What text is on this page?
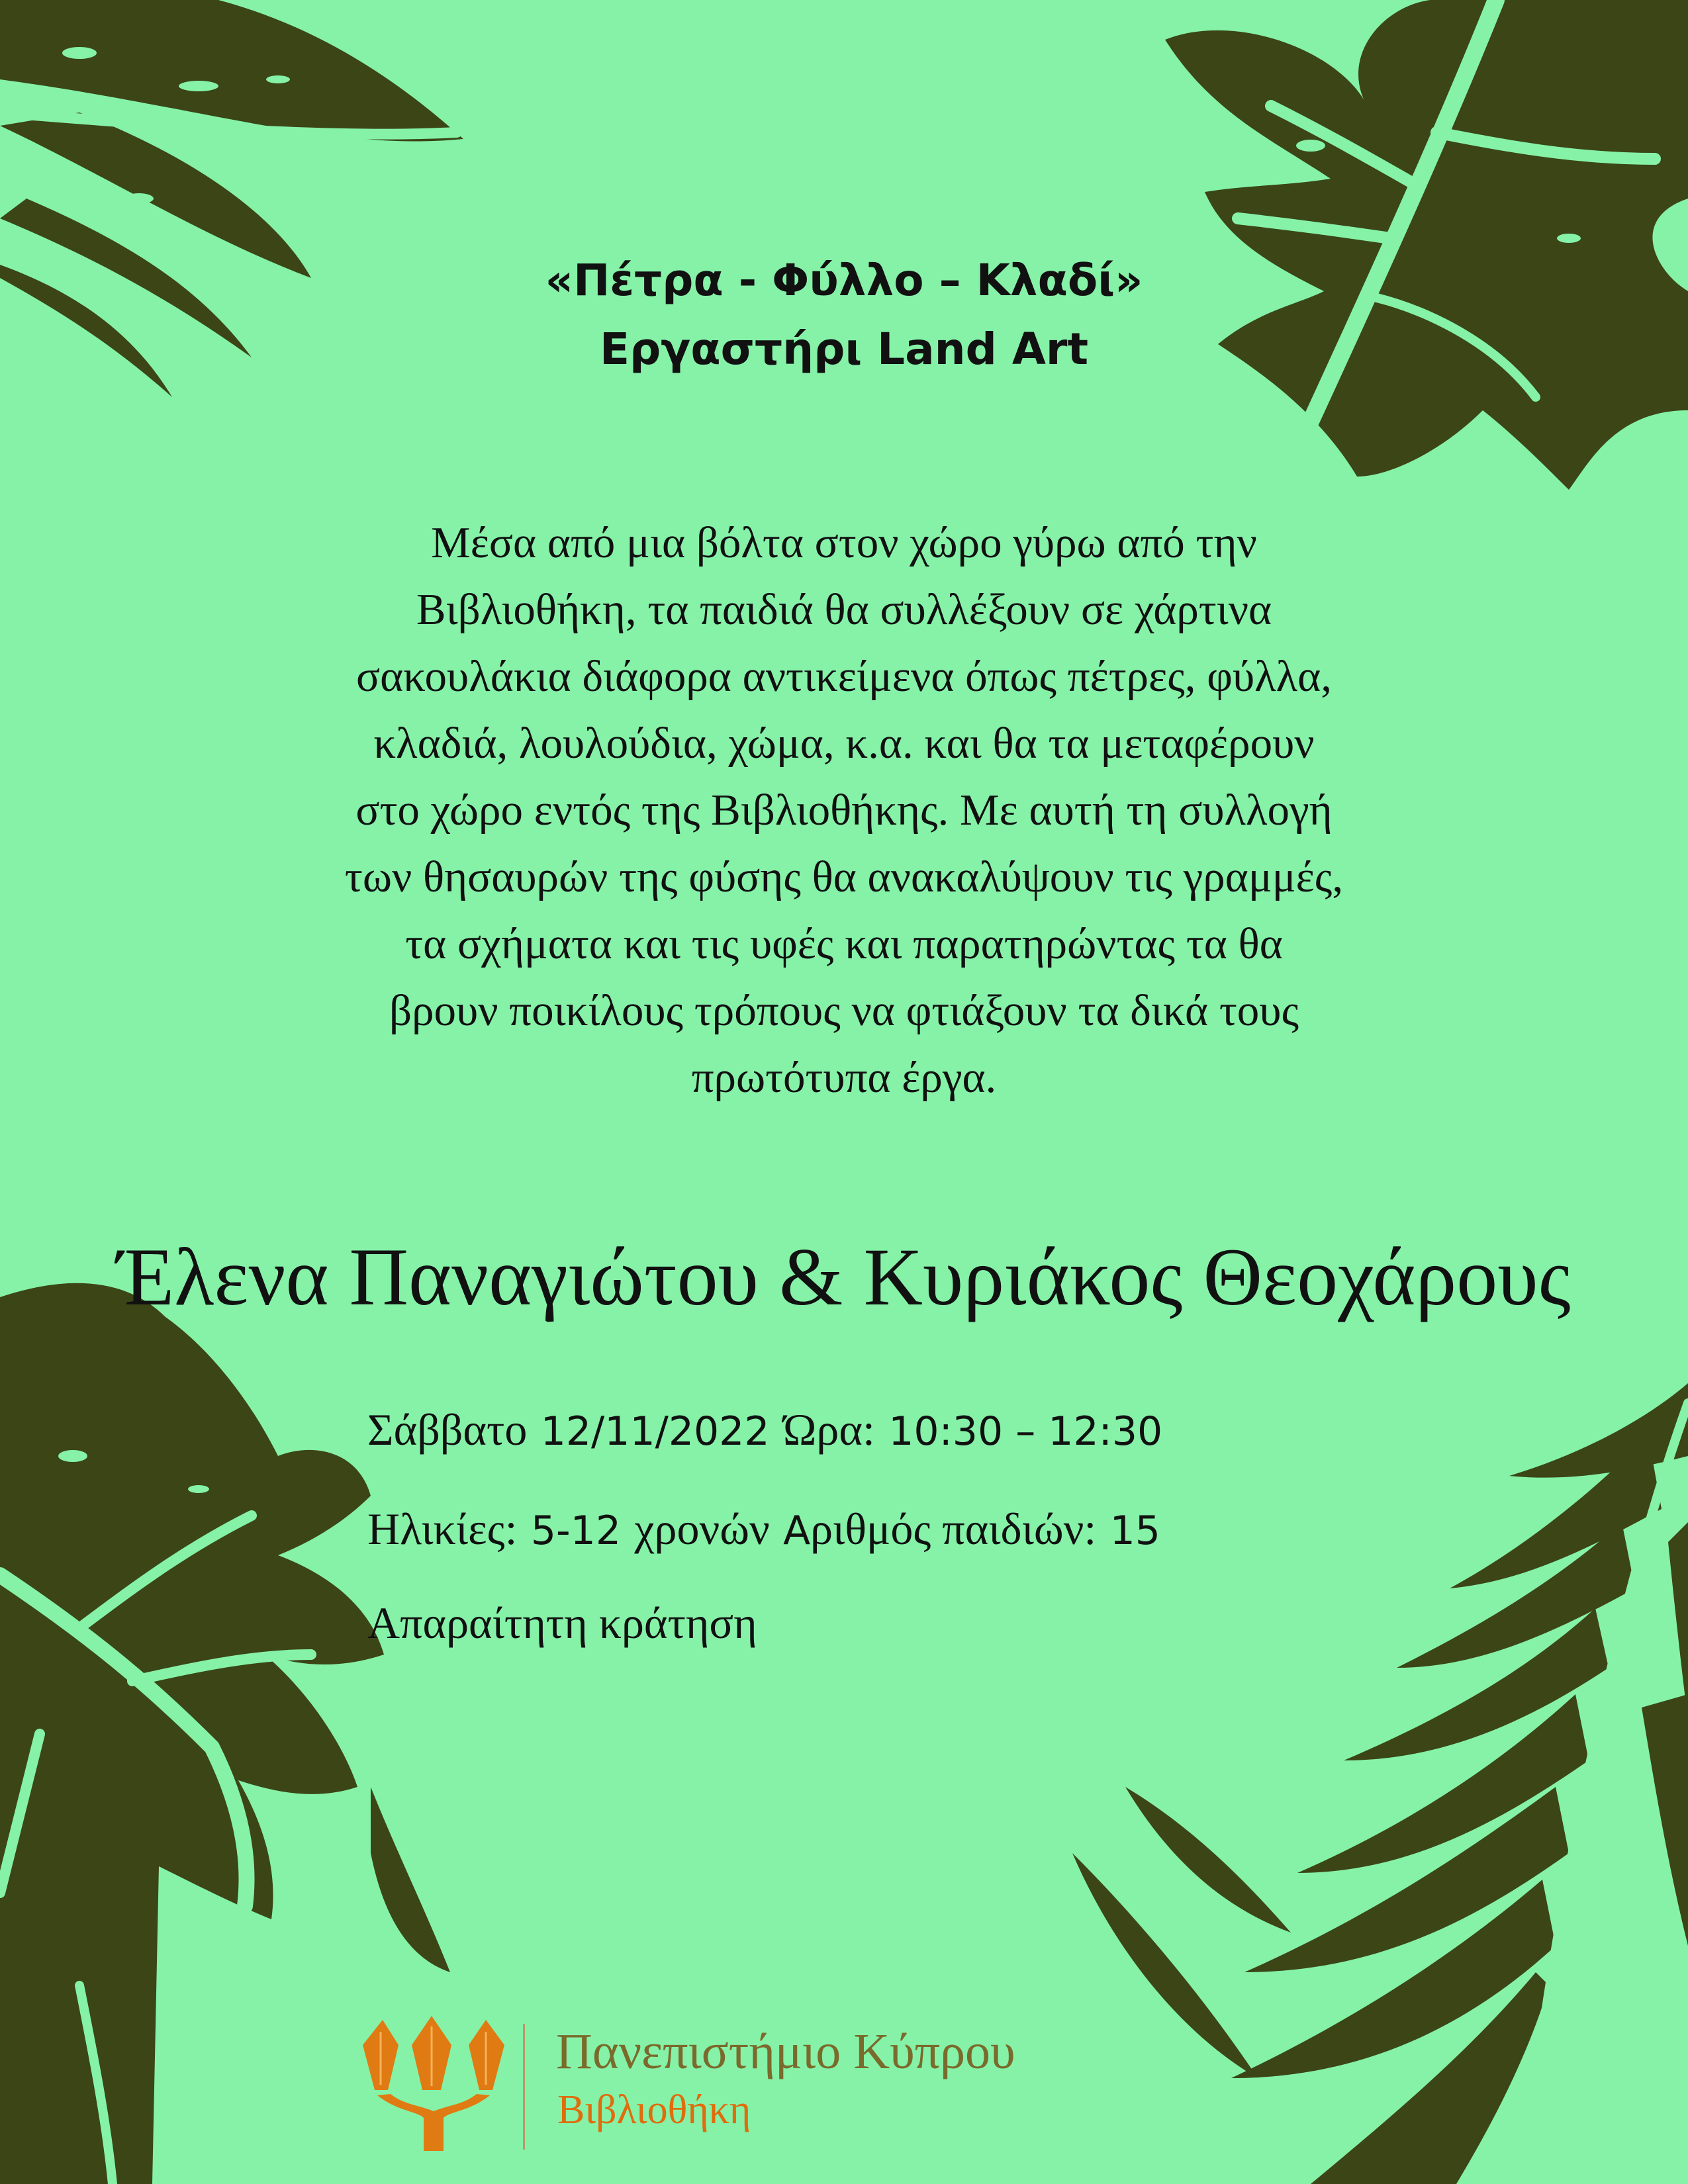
«Πέτρα - Φύλλο – Κλαδί»
Εργαστήρι Land Art
Μέσα από μια βόλτα στον χώρο γύρω από την
Βιβλιοθήκη, τα παιδιά θα συλλέξουν σε χάρτινα
σακουλάκια διάφορα αντικείμενα όπως πέτρες, φύλλα,
κλαδιά, λουλούδια, χώμα, κ.α. και θα τα μεταφέρουν
στο χώρο εντός της Βιβλιοθήκης. Με αυτή τη συλλογή
των θησαυρών της φύσης θα ανακαλύψουν τις γραμμές,
τα σχήματα και τις υφές και παρατηρώντας τα θα
βρουν ποικίλους τρόπους να φτιάξουν τα δικά τους
πρωτότυπα έργα.
Έλενα Παναγιώτου & Κυριάκος Θεοχάρους
Σάββατο 12/11/2022 Ώρα: 10:30 – 12:30
Ηλικίες: 5-12 χρονών Αριθμός παιδιών: 15
Απαραίτητη κράτηση
Πανεπιστήμιο Κύπρου
Βιβλιοθήκη
